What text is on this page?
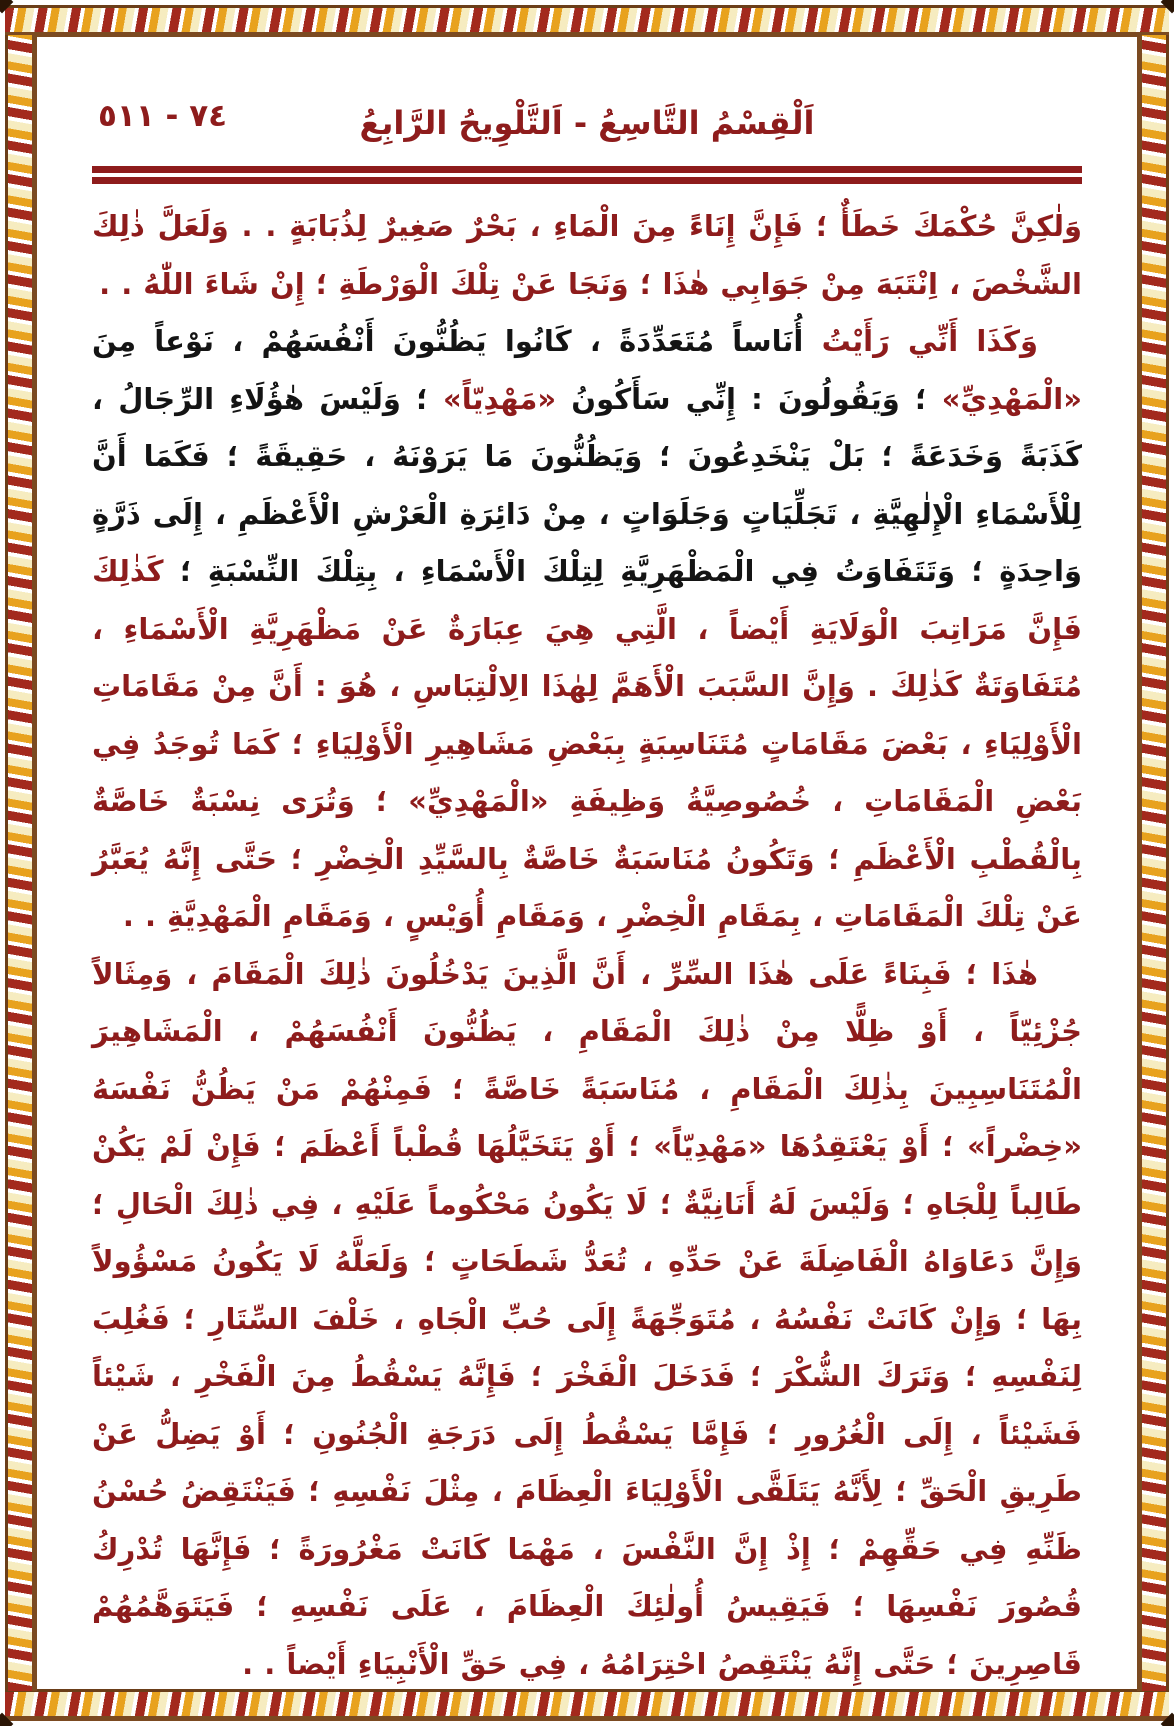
٧٤ - ٥١١	اَلْقِسْمُ التَّاسِعُ - اَلتَّلْوِيحُ الرَّابِعُ

وَلٰكِنَّ حُكْمَكَ خَطَأٌ ؛ فَإِنَّ إِنَاءً مِنَ الْمَاءِ ، بَحْرٌ صَغِيرٌ لِذُبَابَةٍ . . وَلَعَلَّ ذٰلِكَ الشَّخْصَ ، اِنْتَبَهَ مِنْ جَوَابِي هٰذَا ؛ وَنَجَا عَنْ تِلْكَ الْوَرْطَةِ ؛ إِنْ شَاءَ اللّٰهُ . .

وَكَذَا أَنِّي رَأَيْتُ أُنَاساً مُتَعَدِّدَةً ، كَانُوا يَظُنُّونَ أَنْفُسَهُمْ ، نَوْعاً مِنَ «الْمَهْدِيِّ» ؛ وَيَقُولُونَ : إِنِّي سَأَكُونُ «مَهْدِيّاً» ؛ وَلَيْسَ هٰؤُلَاءِ الرِّجَالُ ، كَذَبَةً وَخَدَعَةً ؛ بَلْ يَنْخَدِعُونَ ؛ وَيَظُنُّونَ مَا يَرَوْنَهُ ، حَقِيقَةً ؛ فَكَمَا أَنَّ لِلْأَسْمَاءِ الْإِلٰهِيَّةِ ، تَجَلِّيَاتٍ وَجَلَوَاتٍ ، مِنْ دَائِرَةِ الْعَرْشِ الْأَعْظَمِ ، إِلَى ذَرَّةٍ وَاحِدَةٍ ؛ وَتَتَفَاوَتُ فِي الْمَظْهَرِيَّةِ لِتِلْكَ الْأَسْمَاءِ ، بِتِلْكَ النِّسْبَةِ ؛ كَذٰلِكَ فَإِنَّ مَرَاتِبَ الْوَلَايَةِ أَيْضاً ، الَّتِي هِيَ عِبَارَةٌ عَنْ مَظْهَرِيَّةِ الْأَسْمَاءِ ، مُتَفَاوَتَةٌ كَذٰلِكَ . وَإِنَّ السَّبَبَ الْأَهَمَّ لِهٰذَا الِالْتِبَاسِ ، هُوَ : أَنَّ مِنْ مَقَامَاتِ الْأَوْلِيَاءِ ، بَعْضَ مَقَامَاتٍ مُتَنَاسِبَةٍ بِبَعْضِ مَشَاهِيرِ الْأَوْلِيَاءِ ؛ كَمَا تُوجَدُ فِي بَعْضِ الْمَقَامَاتِ ، خُصُوصِيَّةُ وَظِيفَةِ «الْمَهْدِيِّ» ؛ وَتُرَى نِسْبَةٌ خَاصَّةٌ بِالْقُطْبِ الْأَعْظَمِ ؛ وَتَكُونُ مُنَاسَبَةٌ خَاصَّةٌ بِالسَّيِّدِ الْخِضْرِ ؛ حَتَّى إِنَّهُ يُعَبَّرُ عَنْ تِلْكَ الْمَقَامَاتِ ، بِمَقَامِ الْخِضْرِ ، وَمَقَامِ أُوَيْسٍ ، وَمَقَامِ الْمَهْدِيَّةِ . .

هٰذَا ؛ فَبِنَاءً عَلَى هٰذَا السِّرِّ ، أَنَّ الَّذِينَ يَدْخُلُونَ ذٰلِكَ الْمَقَامَ ، وَمِثَالاً جُزْئِيّاً ، أَوْ ظِلًّا مِنْ ذٰلِكَ الْمَقَامِ ، يَظُنُّونَ أَنْفُسَهُمْ ، الْمَشَاهِيرَ الْمُتَنَاسِبِينَ بِذٰلِكَ الْمَقَامِ ، مُنَاسَبَةً خَاصَّةً ؛ فَمِنْهُمْ مَنْ يَظُنُّ نَفْسَهُ «خِضْراً» ؛ أَوْ يَعْتَقِدُهَا «مَهْدِيّاً» ؛ أَوْ يَتَخَيَّلُهَا قُطْباً أَعْظَمَ ؛ فَإِنْ لَمْ يَكُنْ طَالِباً لِلْجَاهِ ؛ وَلَيْسَ لَهُ أَنَانِيَّةٌ ؛ لَا يَكُونُ مَحْكُوماً عَلَيْهِ ، فِي ذٰلِكَ الْحَالِ ؛ وَإِنَّ دَعَاوَاهُ الْفَاضِلَةَ عَنْ حَدِّهِ ، تُعَدُّ شَطَحَاتٍ ؛ وَلَعَلَّهُ لَا يَكُونُ مَسْؤُولاً بِهَا ؛ وَإِنْ كَانَتْ نَفْسُهُ ، مُتَوَجِّهَةً إِلَى حُبِّ الْجَاهِ ، خَلْفَ السِّتَارِ ؛ فَغُلِبَ لِنَفْسِهِ ؛ وَتَرَكَ الشُّكْرَ ؛ فَدَخَلَ الْفَخْرَ ؛ فَإِنَّهُ يَسْقُطُ مِنَ الْفَخْرِ ، شَيْئاً فَشَيْئاً ، إِلَى الْغُرُورِ ؛ فَإِمَّا يَسْقُطُ إِلَى دَرَجَةِ الْجُنُونِ ؛ أَوْ يَضِلُّ عَنْ طَرِيقِ الْحَقِّ ؛ لِأَنَّهُ يَتَلَقَّى الْأَوْلِيَاءَ الْعِظَامَ ، مِثْلَ نَفْسِهِ ؛ فَيَنْتَقِضُ حُسْنُ ظَنِّهِ فِي حَقِّهِمْ ؛ إِذْ إِنَّ النَّفْسَ ، مَهْمَا كَانَتْ مَغْرُورَةً ؛ فَإِنَّهَا تُدْرِكُ قُصُورَ نَفْسِهَا ؛ فَيَقِيسُ أُولٰئِكَ الْعِظَامَ ، عَلَى نَفْسِهِ ؛ فَيَتَوَهَّمُهُمْ قَاصِرِينَ ؛ حَتَّى إِنَّهُ يَنْتَقِصُ احْتِرَامُهُ ، فِي حَقِّ الْأَنْبِيَاءِ أَيْضاً . .
